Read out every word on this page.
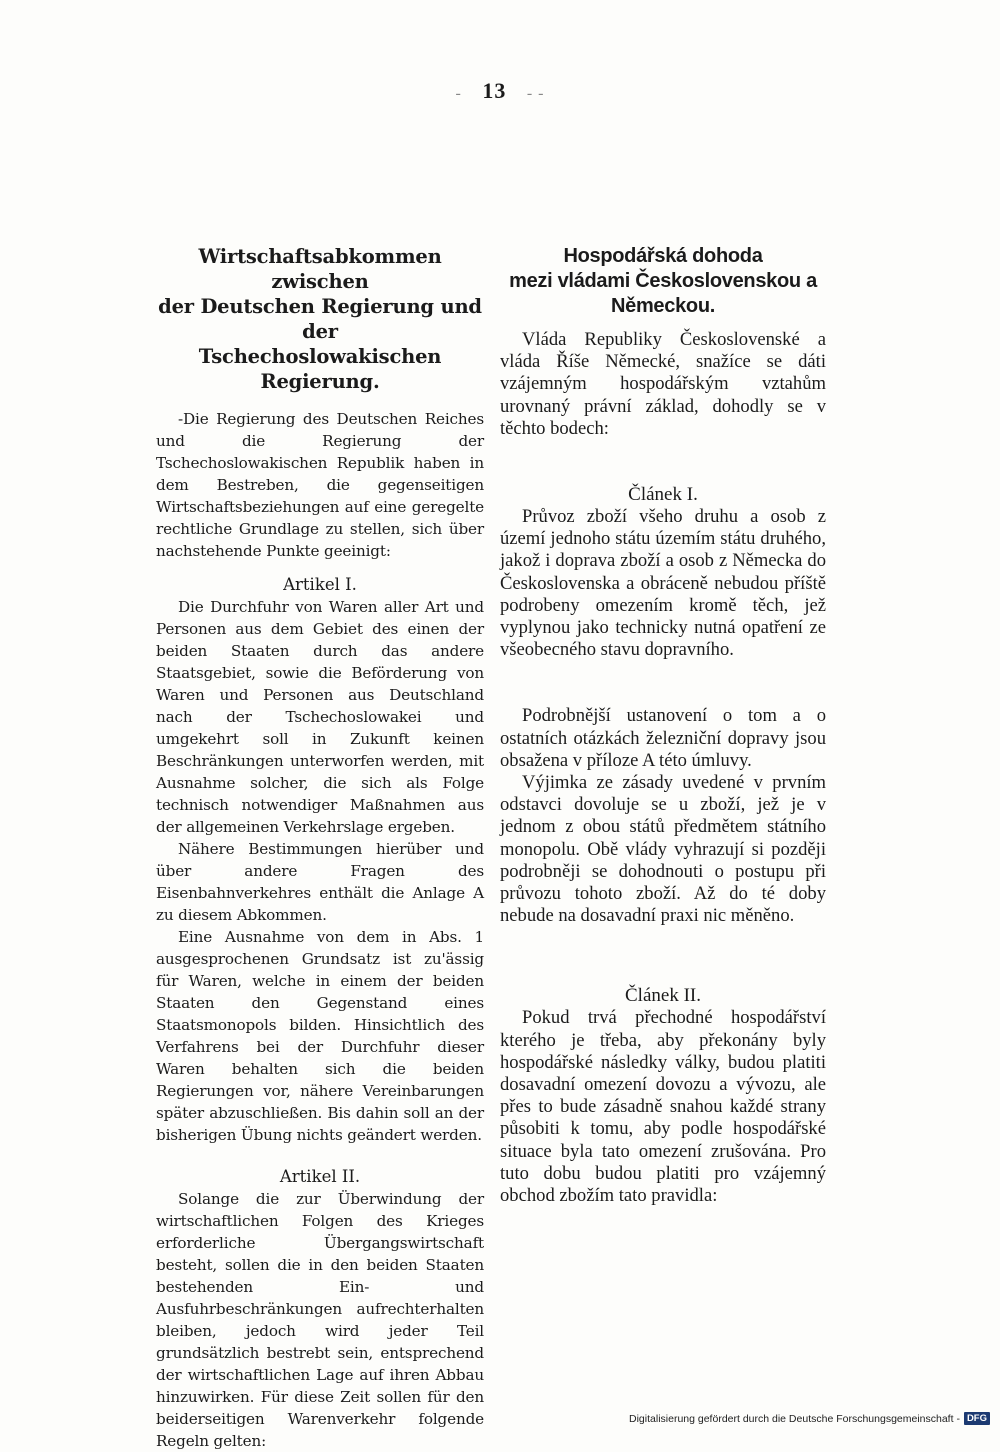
- 13 - -

Wirtschaftsabkommen zwischen

der Deutschen Regierung und der

Tschechoslowakischen Regierung.

-Die Regierung des Deutschen Reiches und die Regierung der Tschechoslowakischen Republik haben in dem Bestreben, die gegenseitigen Wirtschaftsbeziehungen auf eine geregelte rechtliche Grundlage zu stellen, sich über nachstehende Punkte geeinigt:

Artikel I.

Die Durchfuhr von Waren aller Art und Personen aus dem Gebiet des einen der beiden Staaten durch das andere Staatsgebiet, sowie die Beförderung von Waren und Personen aus Deutschland nach der Tschechoslowakei und umgekehrt soll in Zukunft keinen Beschränkungen unterworfen werden, mit Ausnahme solcher, die sich als Folge technisch notwendiger Maßnahmen aus der allgemeinen Verkehrslage ergeben.

Nähere Bestimmungen hierüber und über andere Fragen des Eisenbahnverkehres enthält die Anlage A zu diesem Abkommen.

Eine Ausnahme von dem in Abs. 1 ausgesprochenen Grundsatz ist zu'ässig für Waren, welche in einem der beiden Staaten den Gegenstand eines Staatsmonopols bilden. Hinsichtlich des Verfahrens bei der Durchfuhr dieser Waren behalten sich die beiden Regierungen vor, nähere Vereinbarungen später abzuschließen. Bis dahin soll an der bisherigen Übung nichts geändert werden.

Artikel II.

Solange die zur Überwindung der wirtschaftlichen Folgen des Krieges erforderliche Übergangswirtschaft besteht, sollen die in den beiden Staaten bestehenden Ein- und Ausfuhrbeschränkungen aufrechterhalten bleiben, jedoch wird jeder Teil grundsätzlich bestrebt sein, entsprechend der wirtschaftlichen Lage auf ihren Abbau hinzuwirken. Für diese Zeit sollen für den beiderseitigen Warenverkehr folgende Regeln gelten:

Hospodářská dohoda

mezi vládami Československou a

Německou.

Vláda Republiky Československé a vláda Říše Německé, snažíce se dáti vzájemným hospodářským vztahům urovnaný právní základ, dohodly se v těchto bodech:

Článek I.

Průvoz zboží všeho druhu a osob z území jednoho státu územím státu druhého, jakož i doprava zboží a osob z Německa do Československa a obráceně nebudou příště podrobeny omezením kromě těch, jež vyplynou jako technicky nutná opatření ze všeobecného stavu dopravního.

Podrobnější ustanovení o tom a o ostatních otázkách železniční dopravy jsou obsažena v příloze A této úmluvy.

Výjimka ze zásady uvedené v prvním odstavci dovoluje se u zboží, jež je v jednom z obou států předmětem státního monopolu. Obě vlády vyhrazují si později podrobněji se dohodnouti o postupu při průvozu tohoto zboží. Až do té doby nebude na dosavadní praxi nic měněno.

Článek II.

Pokud trvá přechodné hospodářství kterého je třeba, aby překonány byly hospodářské následky války, budou platiti dosavadní omezení dovozu a vývozu, ale přes to bude zásadně snahou každé strany působiti k tomu, aby podle hospodářské situace byla tato omezení zrušována. Pro tuto dobu budou platiti pro vzájemný obchod zbožím tato pravidla:

Digitalisierung gefördert durch die Deutsche Forschungsgemeinschaft - DFG
